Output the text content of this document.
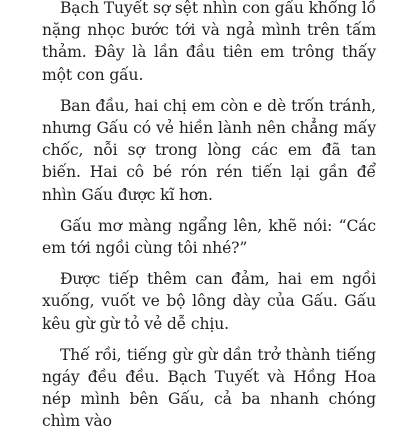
Bạch Tuyết sợ sệt nhìn con gấu khổng lồ nặng nhọc bước tới và ngả mình trên tấm thảm. Đây là lần đầu tiên em trông thấy một con gấu.

Ban đầu, hai chị em còn e dè trốn tránh, nhưng Gấu có vẻ hiền lành nên chẳng mấy chốc, nỗi sợ trong lòng các em đã tan biến. Hai cô bé rón rén tiến lại gần để nhìn Gấu được kĩ hơn.

Gấu mơ màng ngẩng lên, khẽ nói: “Các em tới ngồi cùng tôi nhé?”

Được tiếp thêm can đảm, hai em ngồi xuống, vuốt ve bộ lông dày của Gấu. Gấu kêu gừ gừ tỏ vẻ dễ chịu.

Thế rồi, tiếng gừ gừ dần trở thành tiếng ngáy đều đều. Bạch Tuyết và Hồng Hoa nép mình bên Gấu, cả ba nhanh chóng chìm vào
